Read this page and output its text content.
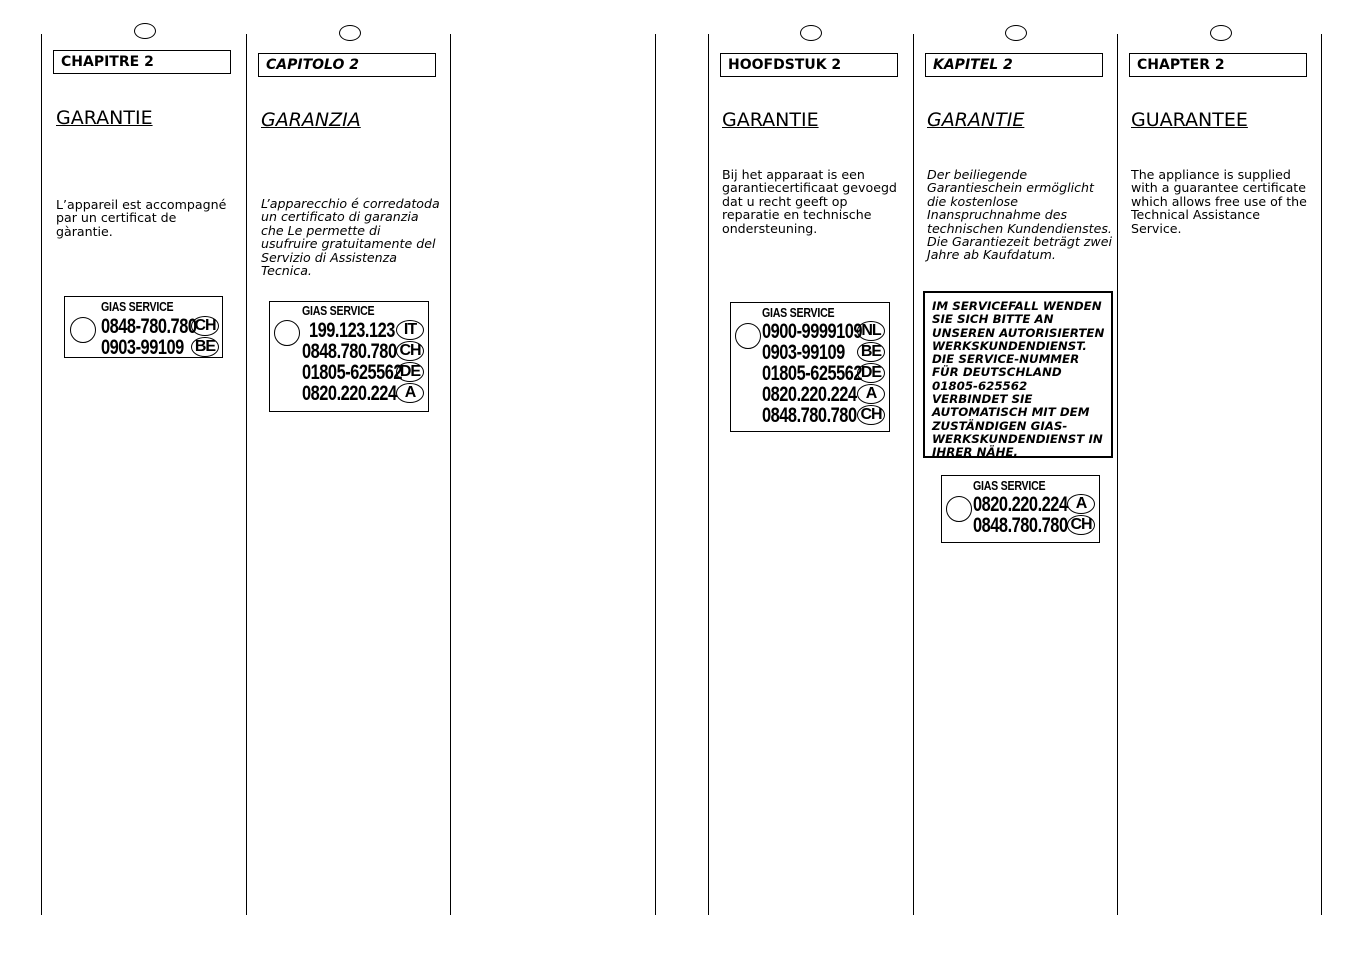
CHAPITRE 2
GARANTIE
L’appareil est accompagné par un certificat de gàrantie.
GIAS SERVICE
0848-780.780
CH
0903-99109 BE
CAPITOLO 2
GARANZIA
L’apparecchio é corredatoda un certificato di garanzia che Le permette di usufruire gratuitamente del Servizio di Assistenza Tecnica.
GIAS SERVICE
199.123.123 IT
0848.780.780 CH
01805-625562
DE
0820.220.224 A
HOOFDSTUK 2
GARANTIE
Bij het apparaat is een garantiecertificaat gevoegd dat u recht geeft op reparatie en technische ondersteuning.
GIAS SERVICE
0900-9999109 NL
0903-99109 BE
01805-625562
DE
0820.220.224 A
0848.780.780 CH
KAPITEL 2
GARANTIE
Der beiliegende Garantieschein ermöglicht die kostenlose Inanspruchnahme des technischen Kundendienstes. Die Garantiezeit beträgt zwei Jahre ab Kaufdatum.
IM SERVICEFALL WENDEN SIE SICH BITTE AN UNSEREN AUTORISIERTEN WERKSKUNDENDIENST. DIE SERVICE-NUMMER FÜR DEUTSCHLAND 01805-625562 VERBINDET SIE AUTOMATISCH MIT DEM ZUSTÄNDIGEN GIAS-WERKSKUNDENDIENST IN IHRER NÄHE.
GIAS SERVICE
0820.220.224 A
0848.780.780 CH
CHAPTER 2
GUARANTEE
The appliance is supplied with a guarantee certificate which allows free use of the Technical Assistance Service.
